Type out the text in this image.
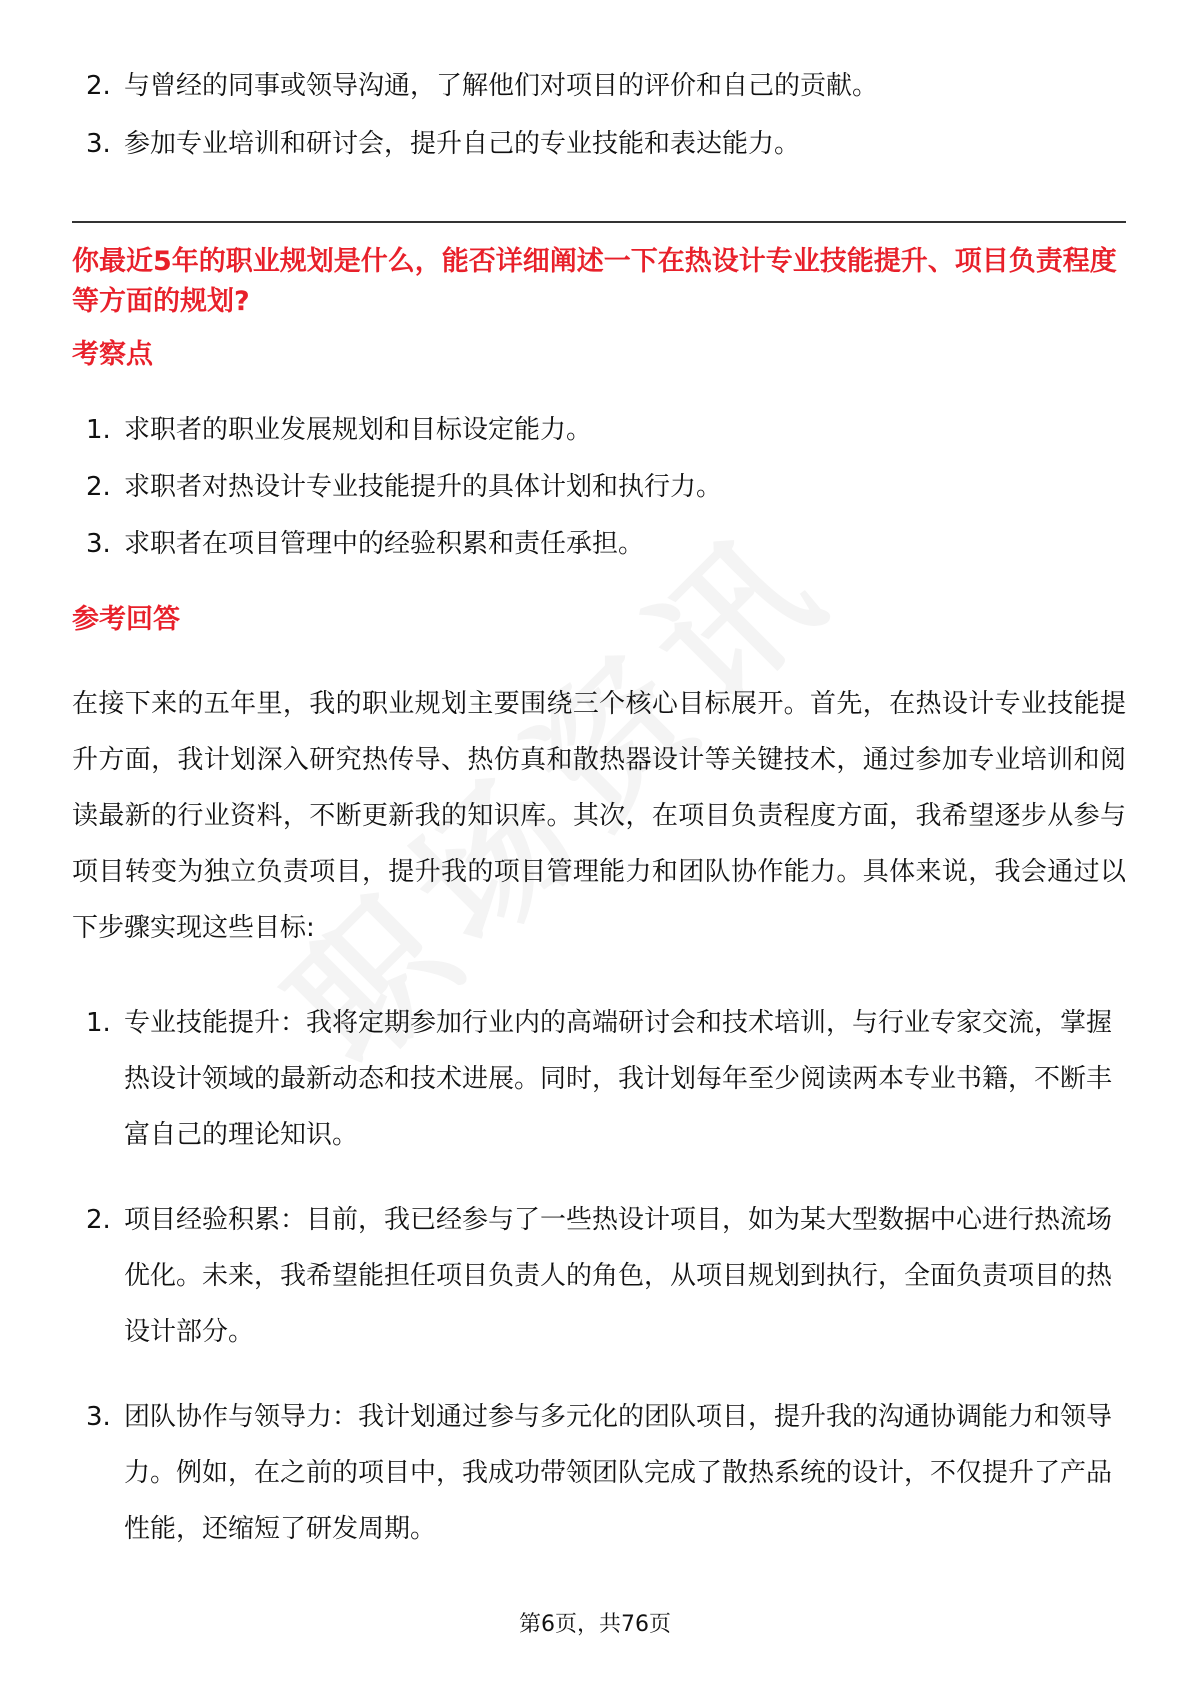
2. 与曾经的同事或领导沟通，了解他们对项目的评价和自己的贡献。
3. 参加专业培训和研讨会，提升自己的专业技能和表达能力。
你最近5年的职业规划是什么，能否详细阐述一下在热设计专业技能提升、项目负责程度等方面的规划?
考察点
1. 求职者的职业发展规划和目标设定能力。
2. 求职者对热设计专业技能提升的具体计划和执行力。
3. 求职者在项目管理中的经验积累和责任承担。
参考回答
在接下来的五年里，我的职业规划主要围绕三个核心目标展开。首先，在热设计专业技能提升方面，我计划深入研究热传导、热仿真和散热器设计等关键技术，通过参加专业培训和阅读最新的行业资料，不断更新我的知识库。其次，在项目负责程度方面，我希望逐步从参与项目转变为独立负责项目，提升我的项目管理能力和团队协作能力。具体来说，我会通过以下步骤实现这些目标:
1. 专业技能提升：我将定期参加行业内的高端研讨会和技术培训，与行业专家交流，掌握热设计领域的最新动态和技术进展。同时，我计划每年至少阅读两本专业书籍，不断丰富自己的理论知识。
2. 项目经验积累：目前，我已经参与了一些热设计项目，如为某大型数据中心进行热流场优化。未来，我希望能担任项目负责人的角色，从项目规划到执行，全面负责项目的热设计部分。
3. 团队协作与领导力：我计划通过参与多元化的团队项目，提升我的沟通协调能力和领导力。例如，在之前的项目中，我成功带领团队完成了散热系统的设计，不仅提升了产品性能，还缩短了研发周期。
第6页，共76页
